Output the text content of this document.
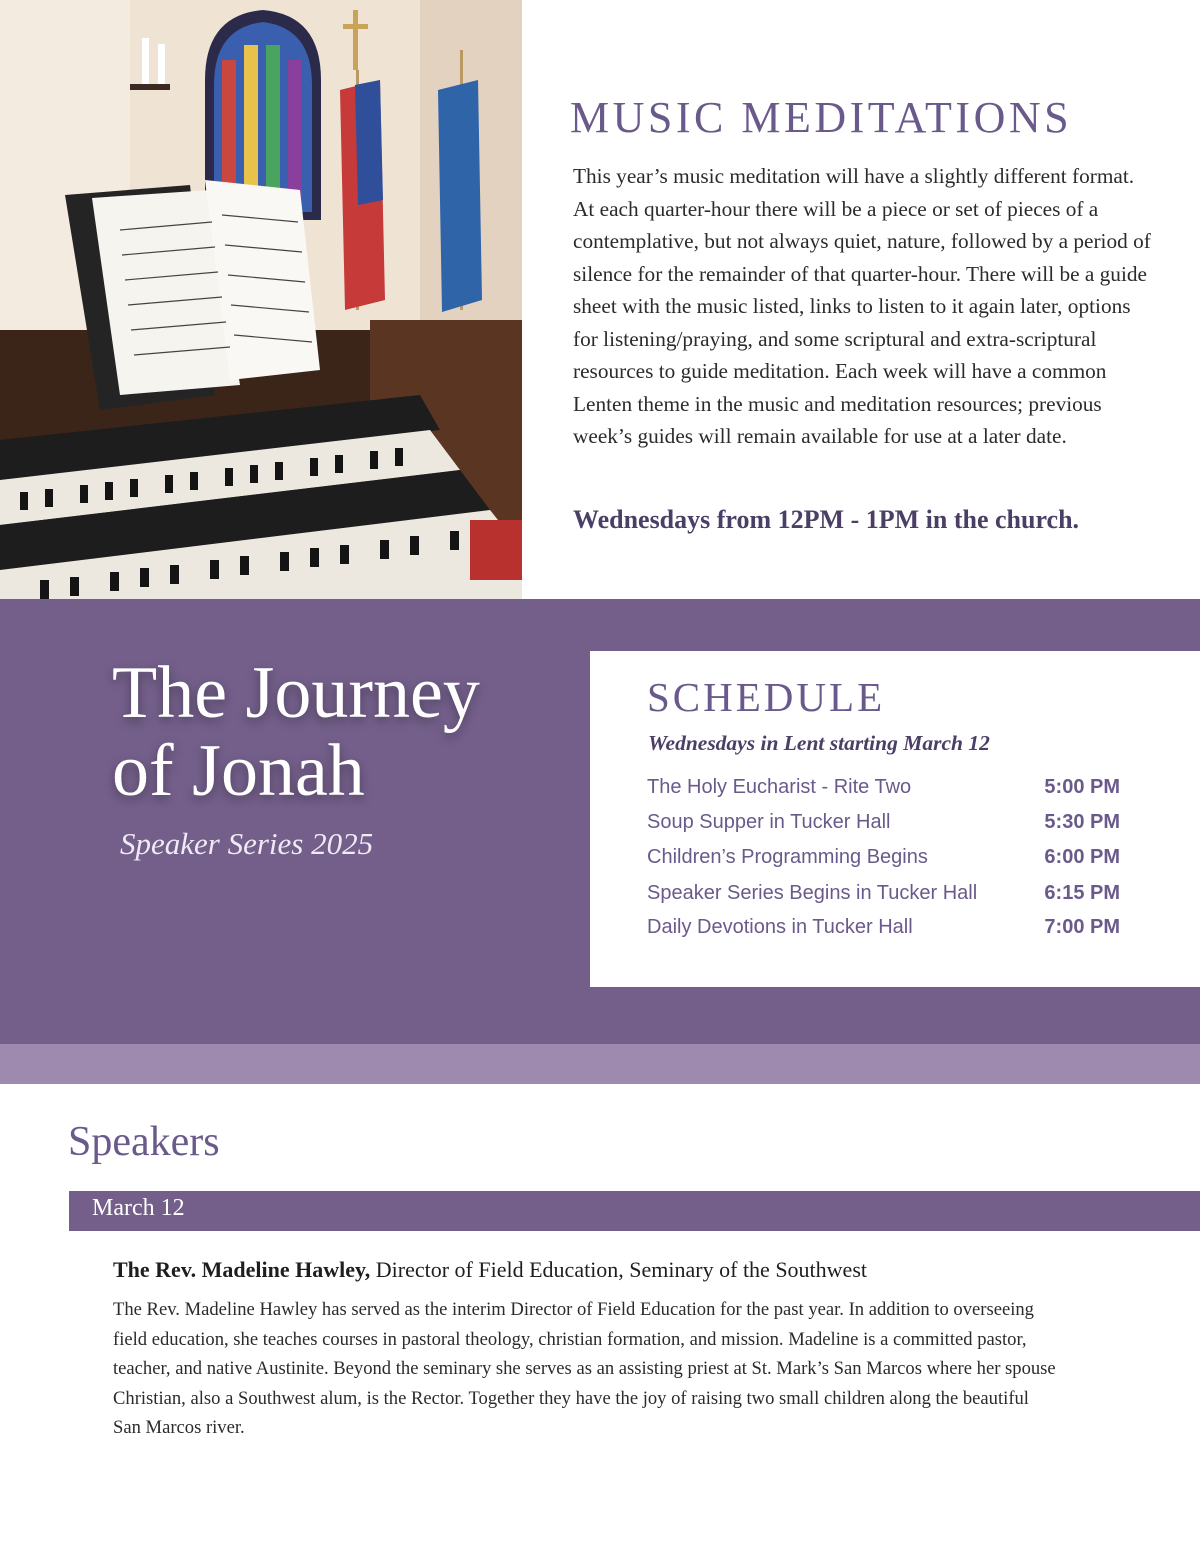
MUSIC MEDITATIONS

This year’s music meditation will have a slightly different format. At each quarter-hour there will be a piece or set of pieces of a contemplative, but not always quiet, nature, followed by a period of silence for the remainder of that quarter-hour. There will be a guide sheet with the music listed, links to listen to it again later, options for listening/praying, and some scriptural and extra-scriptural resources to guide meditation. Each week will have a common Lenten theme in the music and meditation resources; previous week’s guides will remain available for use at a later date.

Wednesdays from 12PM - 1PM in the church.

The Journey
of Jonah

Speaker Series 2025

SCHEDULE

Wednesdays in Lent starting March 12

The Holy Eucharist - Rite Two	5:00 PM
Soup Supper in Tucker Hall	5:30 PM
Children’s Programming Begins	6:00 PM
Speaker Series Begins in Tucker Hall	6:15 PM
Daily Devotions in Tucker Hall	7:00 PM
Speakers
March 12

The Rev. Madeline Hawley, Director of Field Education, Seminary of the Southwest

The Rev. Madeline Hawley has served as the interim Director of Field Education for the past year. In addition to overseeing field education, she teaches courses in pastoral theology, christian formation, and mission. Madeline is a committed pastor, teacher, and native Austinite. Beyond the seminary she serves as an assisting priest at St. Mark’s San Marcos where her spouse Christian, also a Southwest alum, is the Rector. Together they have the joy of raising two small children along the beautiful San Marcos river.
